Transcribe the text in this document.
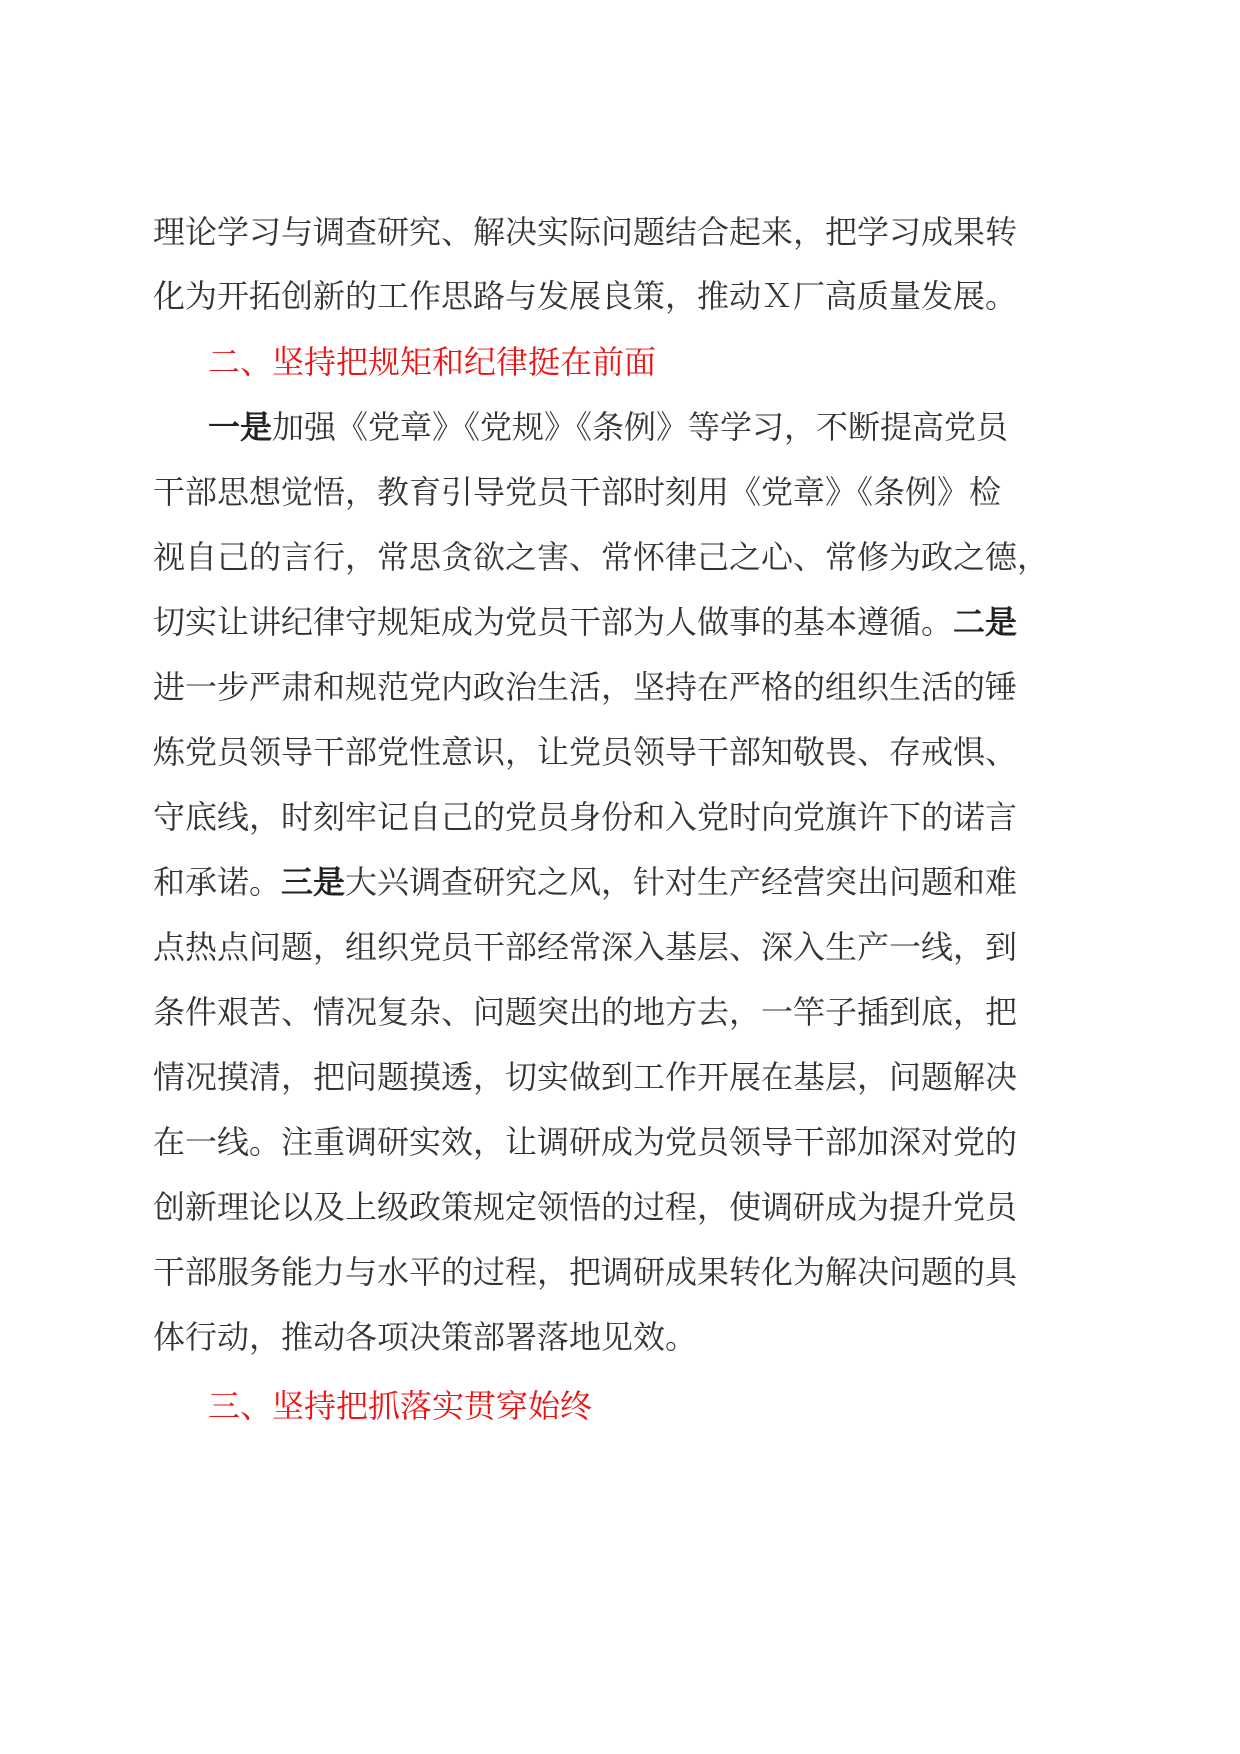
理论学习与调查研究、解决实际问题结合起来，把学习成果转
化为开拓创新的工作思路与发展良策，推动Ｘ厂高质量发展。
二、坚持把规矩和纪律挺在前面
一是加强《党章》《党规》《条例》等学习，不断提高党员
干部思想觉悟，教育引导党员干部时刻用《党章》《条例》检
视自己的言行，常思贪欲之害、常怀律己之心、常修为政之德，
切实让讲纪律守规矩成为党员干部为人做事的基本遵循。二是
进一步严肃和规范党内政治生活，坚持在严格的组织生活的锤
炼党员领导干部党性意识，让党员领导干部知敬畏、存戒惧、
守底线，时刻牢记自己的党员身份和入党时向党旗许下的诺言
和承诺。三是大兴调查研究之风，针对生产经营突出问题和难
点热点问题，组织党员干部经常深入基层、深入生产一线，到
条件艰苦、情况复杂、问题突出的地方去，一竿子插到底，把
情况摸清，把问题摸透，切实做到工作开展在基层，问题解决
在一线。注重调研实效，让调研成为党员领导干部加深对党的
创新理论以及上级政策规定领悟的过程，使调研成为提升党员
干部服务能力与水平的过程，把调研成果转化为解决问题的具
体行动，推动各项决策部署落地见效。
三、坚持把抓落实贯穿始终
